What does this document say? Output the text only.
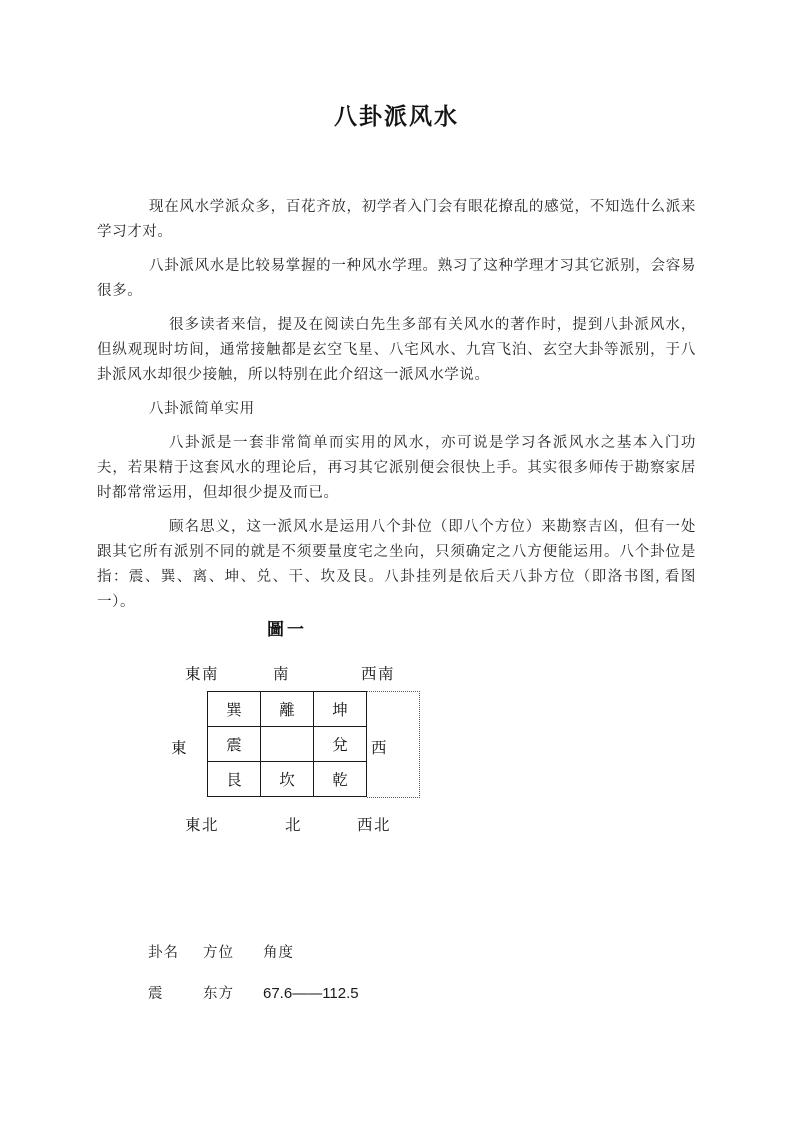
八卦派风水

现在风水学派众多，百花齐放，初学者入门会有眼花撩乱的感觉，不知选什么派来学习才对。

八卦派风水是比较易掌握的一种风水学理。熟习了这种学理才习其它派别，会容易很多。

很多读者来信，提及在阅读白先生多部有关风水的著作时，提到八卦派风水，但纵观现时坊间，通常接触都是玄空飞星、八宅风水、九宫飞泊、玄空大卦等派别，于八卦派风水却很少接触，所以特别在此介绍这一派风水学说。

八卦派简单实用

八卦派是一套非常简单而实用的风水，亦可说是学习各派风水之基本入门功夫，若果精于这套风水的理论后，再习其它派别便会很快上手。其实很多师传于勘察家居时都常常运用，但却很少提及而已。

顾名思义，这一派风水是运用八个卦位（即八个方位）来勘察吉凶，但有一处跟其它所有派别不同的就是不须要量度宅之坐向，只须确定之八方便能运用。八个卦位是指：震、巽、离、坤、兑、干、坎及艮。八卦挂列是依后天八卦方位（即洛书图, 看图一）。

圖一
東南	南	西南
東	西
東北	北	西北
巽	離	坤
震		兌
艮	坎	乾
卦名	方位	角度
震	东方	67.6——112.5
